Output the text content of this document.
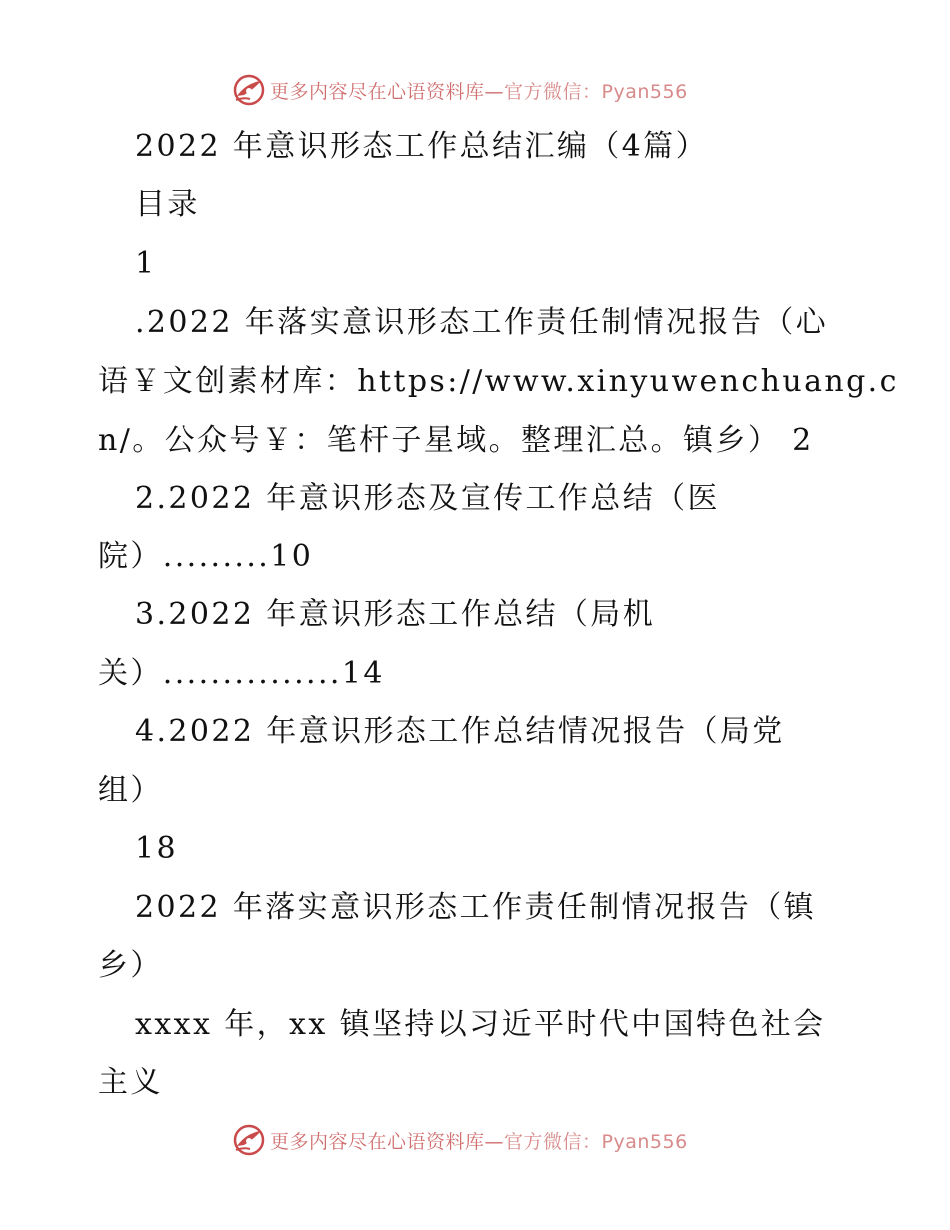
更多内容尽在心语资料库—官方微信：Pyan556
2022 年意识形态工作总结汇编（4篇）
目录
1
.2022 年落实意识形态工作责任制情况报告（心
语￥文创素材库：https://www.xinyuwenchuang.c
n/。公众号￥：笔杆子星域。整理汇总。镇乡） 2
2.2022 年意识形态及宣传工作总结（医
院）.........10
3.2022 年意识形态工作总结（局机
关）...............14
4.2022 年意识形态工作总结情况报告（局党
组）
18
2022 年落实意识形态工作责任制情况报告（镇
乡）
xxxx 年，xx 镇坚持以习近平时代中国特色社会
主义
更多内容尽在心语资料库—官方微信：Pyan556
